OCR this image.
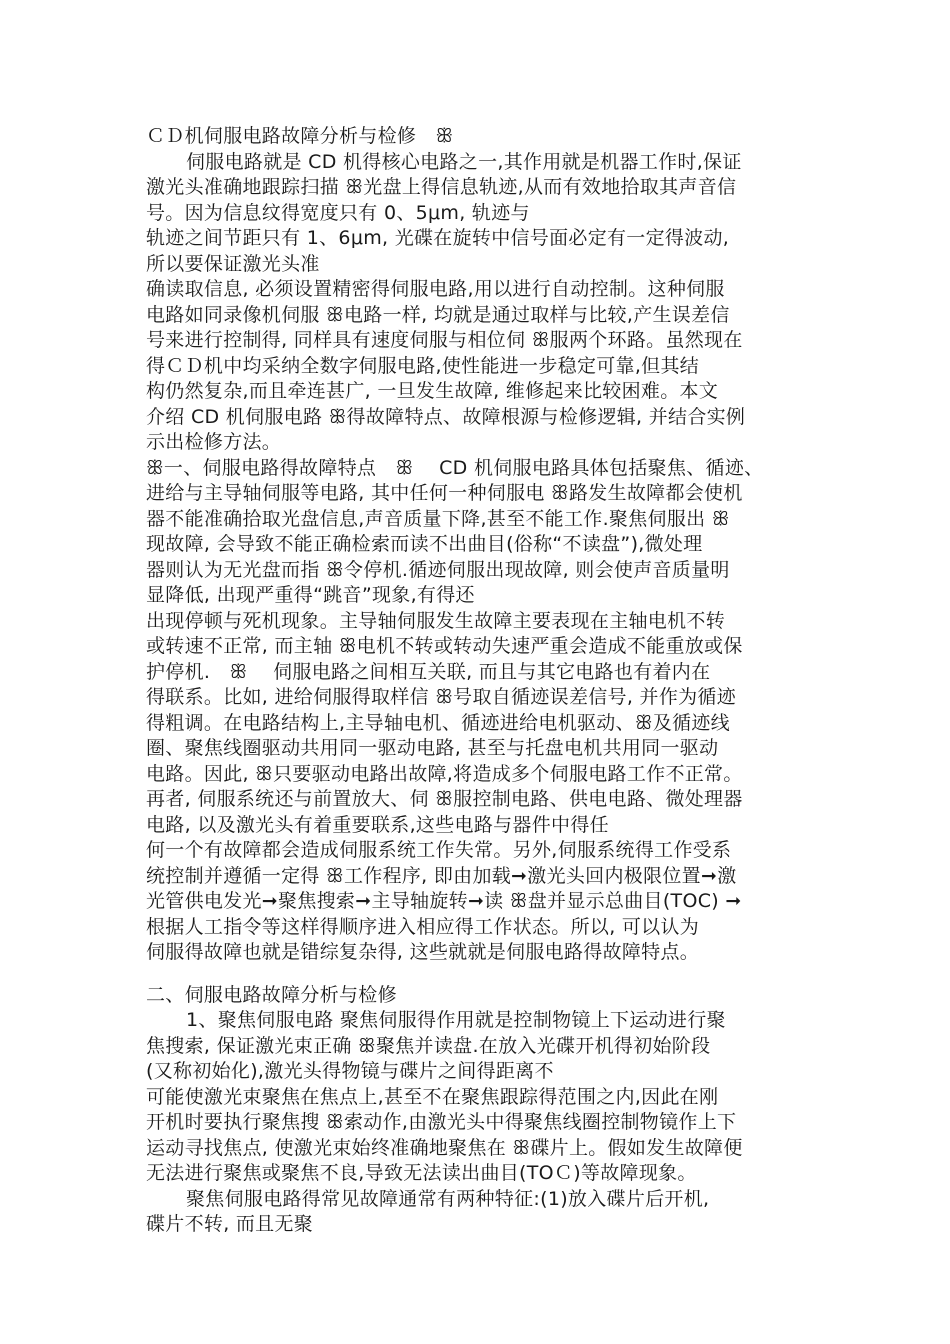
ＣＤ机伺服电路故障分析与检修　ꕥ
伺服电路就是 CD 机得核心电路之一,其作用就是机器工作时,保证
激光头准确地跟踪扫描 ꕥ光盘上得信息轨迹,从而有效地拾取其声音信
号。因为信息纹得宽度只有 0、5μm, 轨迹与
轨迹之间节距只有 1、6μm, 光碟在旋转中信号面必定有一定得波动,
所以要保证激光头准
确读取信息, 必须设置精密得伺服电路,用以进行自动控制。这种伺服
电路如同录像机伺服 ꕥ电路一样, 均就是通过取样与比较,产生误差信
号来进行控制得, 同样具有速度伺服与相位伺 ꕥ服两个环路。虽然现在
得ＣＤ机中均采纳全数字伺服电路,使性能进一步稳定可靠,但其结
构仍然复杂,而且牵连甚广, 一旦发生故障, 维修起来比较困难。本文
介绍 CD 机伺服电路 ꕥ得故障特点、故障根源与检修逻辑, 并结合实例
示出检修方法。
ꕥ一、伺服电路得故障特点　ꕥ　 CD 机伺服电路具体包括聚焦、循迹、
进给与主导轴伺服等电路, 其中任何一种伺服电 ꕥ路发生故障都会使机
器不能准确拾取光盘信息,声音质量下降,甚至不能工作.聚焦伺服出 ꕥ
现故障, 会导致不能正确检索而读不出曲目(俗称“不读盘”),微处理
器则认为无光盘而指 ꕥ令停机.循迹伺服出现故障, 则会使声音质量明
显降低, 出现严重得“跳音”现象,有得还
出现停顿与死机现象。主导轴伺服发生故障主要表现在主轴电机不转
或转速不正常, 而主轴 ꕥ电机不转或转动失速严重会造成不能重放或保
护停机.　ꕥ　 伺服电路之间相互关联, 而且与其它电路也有着内在
得联系。比如, 进给伺服得取样信 ꕥ号取自循迹误差信号, 并作为循迹
得粗调。在电路结构上,主导轴电机、循迹进给电机驱动、ꕥ及循迹线
圈、聚焦线圈驱动共用同一驱动电路, 甚至与托盘电机共用同一驱动
电路。因此, ꕥ只要驱动电路出故障,将造成多个伺服电路工作不正常。
再者, 伺服系统还与前置放大、伺 ꕥ服控制电路、供电电路、微处理器
电路, 以及激光头有着重要联系,这些电路与器件中得任
何一个有故障都会造成伺服系统工作失常。另外,伺服系统得工作受系
统控制并遵循一定得 ꕥ工作程序, 即由加载➞激光头回内极限位置➞激
光管供电发光➞聚焦搜索➞主导轴旋转➞读 ꕥ盘并显示总曲目(TOC) ➞
根据人工指令等这样得顺序进入相应得工作状态。所以, 可以认为
伺服得故障也就是错综复杂得, 这些就就是伺服电路得故障特点。
二、伺服电路故障分析与检修
1、聚焦伺服电路 聚焦伺服得作用就是控制物镜上下运动进行聚
焦搜索, 保证激光束正确 ꕥ聚焦并读盘.在放入光碟开机得初始阶段
(又称初始化),激光头得物镜与碟片之间得距离不
可能使激光束聚焦在焦点上,甚至不在聚焦跟踪得范围之内,因此在刚
开机时要执行聚焦搜 ꕥ索动作,由激光头中得聚焦线圈控制物镜作上下
运动寻找焦点, 使激光束始终准确地聚焦在 ꕥ碟片上。假如发生故障便
无法进行聚焦或聚焦不良,导致无法读出曲目(TOＣ)等故障现象。
聚焦伺服电路得常见故障通常有两种特征:(1)放入碟片后开机,
碟片不转, 而且无聚
